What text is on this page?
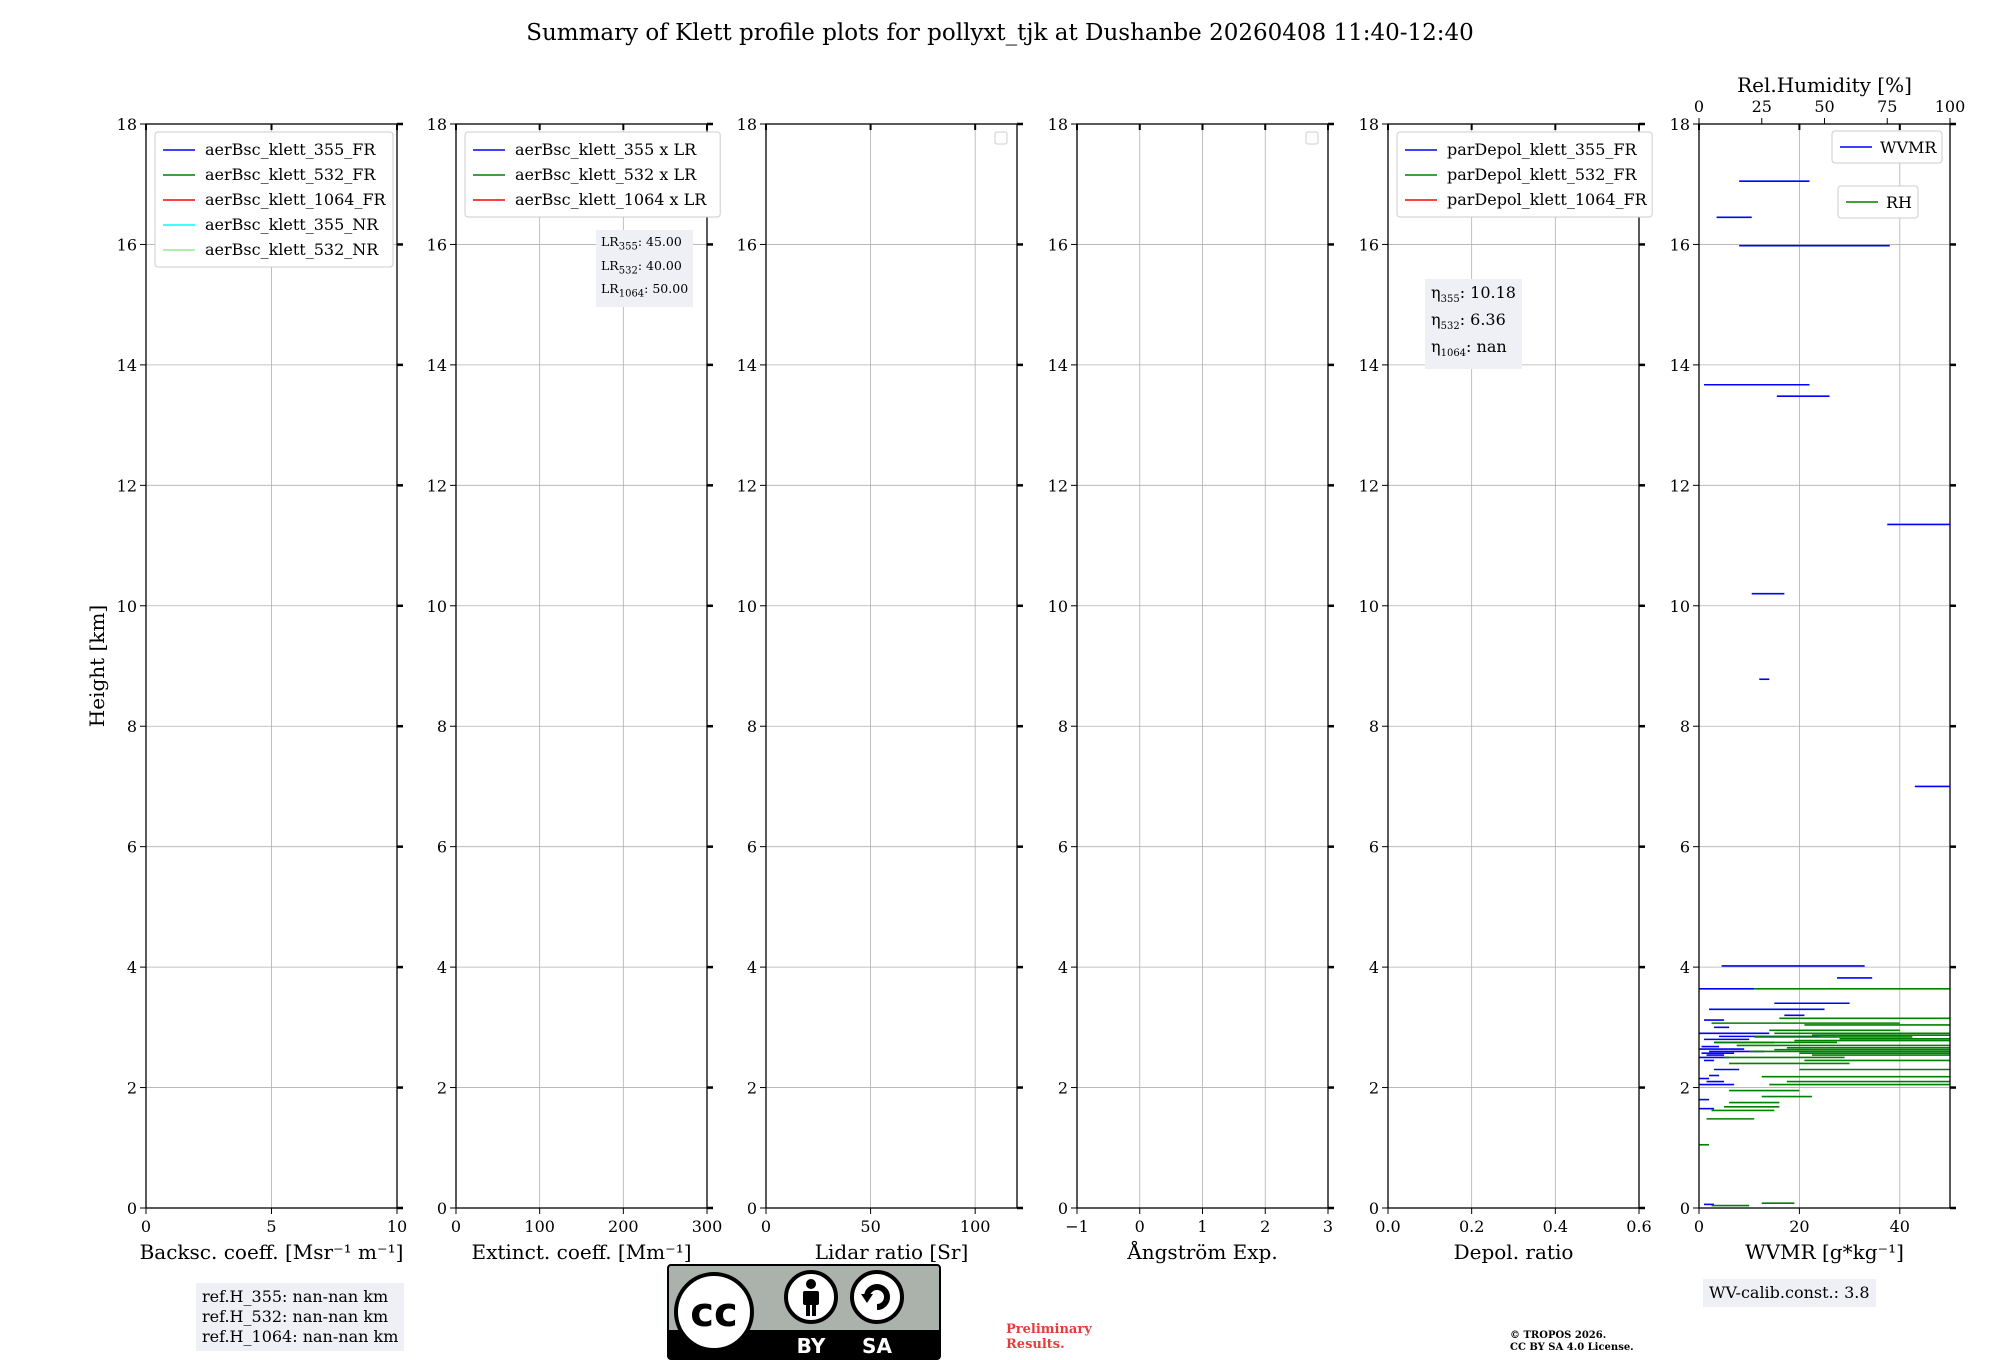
Summary of Klett profile plots for pollyxt_tjk at Dushanbe 20260408 11:40-12:40
0	5	10
0
2
4
6
8
10
12
14
16
18
Backsc. coeff. [Msr⁻¹ m⁻¹]
Height [km]
aerBsc_klett_355_FR
aerBsc_klett_532_FR
aerBsc_klett_1064_FR
aerBsc_klett_355_NR
aerBsc_klett_532_NR
0	100	200	300
0
2
4
6
8
10
12
14
16
18
Extinct. coeff. [Mm⁻¹]
aerBsc_klett_355 x LR
aerBsc_klett_532 x LR
aerBsc_klett_1064 x LR
0	50	100
0
2
4
6
8
10
12
14
16
18
Lidar ratio [Sr]
−1	0	1	2	3
0
2
4
6
8
10
12
14
16
18
Ångström Exp.
0.0	0.2	0.4	0.6
0
2
4
6
8
10
12
14
16
18
Depol. ratio
parDepol_klett_355_FR
parDepol_klett_532_FR
parDepol_klett_1064_FR
0	20	40
0
2
4
6
8
10
12
14
16
18
WVMR [g*kg⁻¹]
0	25	50	75 100
Rel.Humidity [%]
WVMR
RH
$LR_{355}$: 45.00
$LR_{532}$: 40.00
$LR_{1064}$: 50.00	$\eta_{355}$: 10.18
$\eta_{532}$: 6.36
$\eta_{1064}$: nan
ref.H_355: nan-nan km
ref.H_532: nan-nan km
ref.H_1064: nan-nan km
WV-calib.const.: 3.8
cc
BY SA
Preliminary
Results.
© TROPOS 2026.
CC BY SA 4.0 License.
